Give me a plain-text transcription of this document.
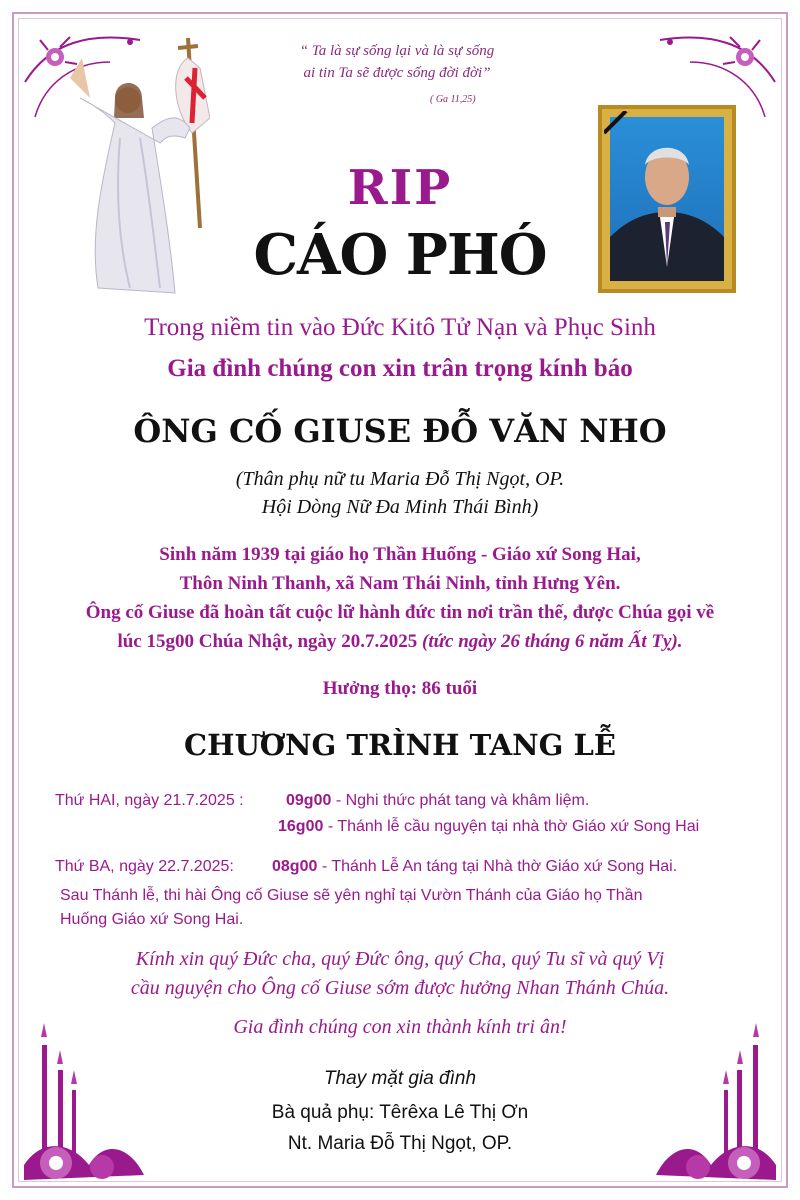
“ Ta là sự sống lại và là sự sống
ai tin Ta sẽ được sống đời đời”
( Ga 11,25)
RIP
CÁO PHÓ
Trong niềm tin vào Đức Kitô Tử Nạn và Phục Sinh
Gia đình chúng con xin trân trọng kính báo
ÔNG CỐ GIUSE ĐỖ VĂN NHO
(Thân phụ nữ tu Maria Đỗ Thị Ngọt, OP.
Hội Dòng Nữ Đa Minh Thái Bình)
Sinh năm 1939 tại giáo họ Thần Huống - Giáo xứ Song Hai,
Thôn Ninh Thanh, xã Nam Thái Ninh, tỉnh Hưng Yên.
Ông cố Giuse đã hoàn tất cuộc lữ hành đức tin nơi trần thế, được Chúa gọi về
lúc 15g00 Chúa Nhật, ngày 20.7.2025 (tức ngày 26 tháng 6 năm Ất Tỵ).
Hưởng thọ: 86 tuổi
CHƯƠNG TRÌNH TANG LỄ
Thứ HAI, ngày 21.7.2025 :	09g00 - Nghi thức phát tang và khâm liệm.
16g00 - Thánh lễ cầu nguyện tại nhà thờ Giáo xứ Song Hai
Thứ BA, ngày 22.7.2025: 08g00 - Thánh Lễ An táng tại Nhà thờ Giáo xứ Song Hai.
Sau Thánh lễ, thi hài Ông cố Giuse sẽ yên nghỉ tại Vườn Thánh của Giáo họ Thần
Huống Giáo xứ Song Hai.
Kính xin quý Đức cha, quý Đức ông, quý Cha, quý Tu sĩ và quý Vị
cầu nguyện cho Ông cố Giuse sớm được hưởng Nhan Thánh Chúa.
Gia đình chúng con xin thành kính tri ân!
Thay mặt gia đình
Bà quả phụ: Têrêxa Lê Thị Ơn
Nt. Maria Đỗ Thị Ngọt, OP.
